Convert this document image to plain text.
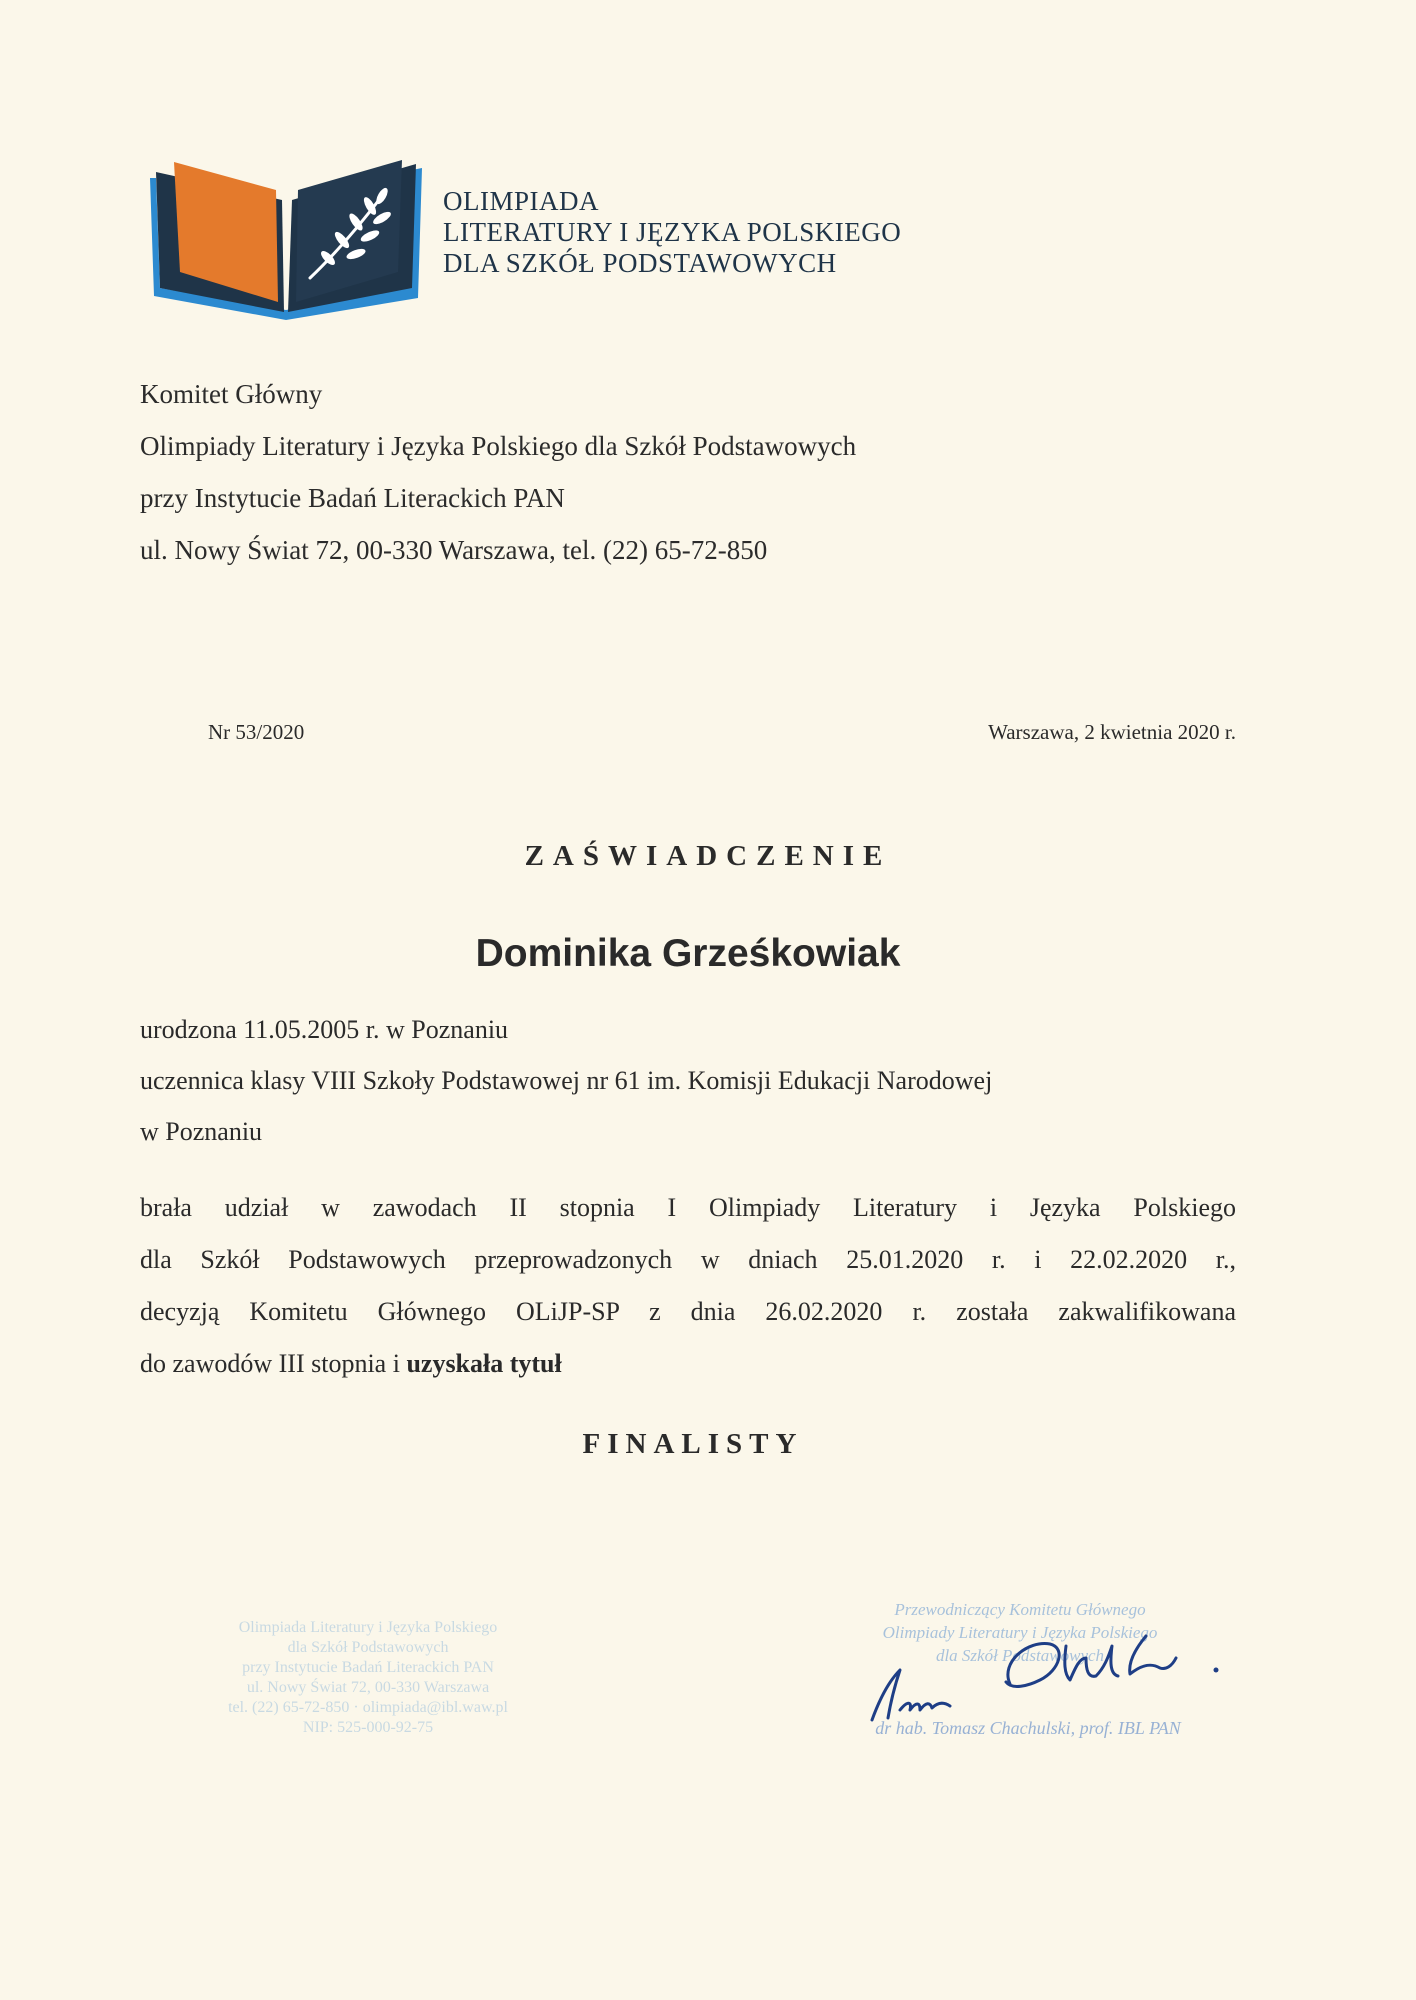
OLIMPIADA
LITERATURY I JĘZYKA POLSKIEGO
DLA SZKÓŁ PODSTAWOWYCH
Komitet Główny
Olimpiady Literatury i Języka Polskiego dla Szkół Podstawowych
przy Instytucie Badań Literackich PAN
ul. Nowy Świat 72, 00-330 Warszawa, tel. (22) 65-72-850
Nr 53/2020	Warszawa, 2 kwietnia 2020 r.
ZAŚWIADCZENIE
Dominika Grześkowiak
urodzona 11.05.2005 r. w Poznaniu
uczennica klasy VIII Szkoły Podstawowej nr 61 im. Komisji Edukacji Narodowej
w Poznaniu
brała udział w zawodach II stopnia I Olimpiady Literatury i Języka Polskiego
dla Szkół Podstawowych przeprowadzonych w dniach 25.01.2020 r. i 22.02.2020 r.,
decyzją Komitetu Głównego OLiJP-SP z dnia 26.02.2020 r. została zakwalifikowana
do zawodów III stopnia i uzyskała tytuł
FINALISTY
Olimpiada Literatury i Języka Polskiego
dla Szkół Podstawowych
przy Instytucie Badań Literackich PAN
ul. Nowy Świat 72, 00-330 Warszawa
tel. (22) 65-72-850 · olimpiada@ibl.waw.pl
NIP: 525-000-92-75
Przewodniczący Komitetu Głównego
Olimpiady Literatury i Języka Polskiego
dla Szkół Podstawowych
dr hab. Tomasz Chachulski, prof. IBL PAN
